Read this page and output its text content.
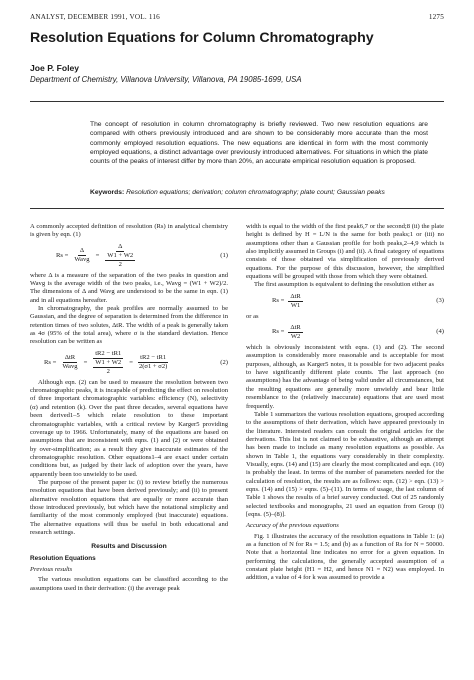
ANALYST, DECEMBER 1991, VOL. 116	1275
Resolution Equations for Column Chromatography
Joe P. Foley
Department of Chemistry, Villanova University, Villanova, PA 19085-1699, USA

The concept of resolution in column chromatography is briefly reviewed. Two new resolution equations are compared with others previously introduced and are shown to be considerably more accurate than the most commonly employed resolution equations. The new equations are identical in form with the most commonly employed equations, a distinct advantage over previously introduced alternatives. For situations in which the plate counts of the peaks of interest differ by more than 20%, an accurate empirical resolution equation is proposed.

Keywords: Resolution equations; derivation; column chromatography; plate count; Gaussian peaks

A commonly accepted definition of resolution (Rs) in analytical chemistry is given by eqn. (1)

$Rs = \frac{\Delta}{\text{Wavg}} = \Delta$
W1 + W2
2	(1)

where Δ is a measure of the separation of the two peaks in question and Wavg is the average width of the two peaks, i.e., Wavg = (W1 + W2)/2. The dimensions of Δ and Wavg are understood to be the same in eqn. (1) and in all equations hereafter.

In chromatography, the peak profiles are normally assumed to be Gaussian, and the degree of separation is determined from the difference in retention times of two solutes, ΔtR. The width of a peak is generally taken as 4σ (95% of the total area), where σ is the standard deviation. Hence resolution can be written as

$Rs = \frac{\text{ΔtR}}{\text{Wavg}} = tR2 - tR1$
W1 + W2
$2 = \frac{tR2 - tR1}{2(\sigma 1 + \sigma 2)}$	(2)

Although eqn. (2) can be used to measure the resolution between two chromatographic peaks, it is incapable of predicting the effect on resolution of three important chromatographic variables: efficiency (N), selectivity (α) and retention (k). Over the past three decades, several equations have been derived1–5 which relate resolution to these important chromatographic variables, with a critical review by Karger5 providing coverage up to 1966. Unfortunately, many of the equations are based on assumptions that are inconsistent with eqns. (1) and (2) or were obtained by over-simplification; as a result they give inaccurate estimates of the chromatographic resolution. Other equations1–4 are exact under certain conditions but, as judged by their lack of adoption over the years, have apparently been too unwieldy to be used.

The purpose of the present paper is: (i) to review briefly the numerous resolution equations that have been derived previously; and (ii) to present alternative resolution equations that are equally or more accurate than those introduced previously, but which have the notational simplicity and familiarity of the most commonly employed (but inaccurate) equations. The alternative equations will thus be useful in both educational and research settings.

Results and Discussion
Resolution Equations
Previous results

The various resolution equations can be classified according to the assumptions used in their derivation: (i) the average peak

width is equal to the width of the first peak6,7 or the second;8 (ii) the plate height is defined by H = L/N is the same for both peaks;1 or (iii) no assumptions other than a Gaussian profile for both peaks,2–4,9 which is also implicitly assumed in Groups (i) and (ii). A final category of equations consists of those obtained via simplification of previously derived equations. For the purpose of this discussion, however, the simplified equations will be grouped with those from which they were obtained.

The first assumption is equivalent to defining the resolution either as

$Rs = \frac{\text{ΔtR}}{W1}$	(3)

or as

$Rs = \frac{\text{ΔtR}}{W2}$	(4)

which is obviously inconsistent with eqns. (1) and (2). The second assumption is considerably more reasonable and is acceptable for most purposes, although, as Karger5 notes, it is possible for two adjacent peaks to have significantly different plate counts. The last approach (no assumptions) has the advantage of being valid under all circumstances, but the resulting equations are generally more unwieldy and bear little resemblance to the (relatively inaccurate) equations that are used most frequently.

Table 1 summarizes the various resolution equations, grouped according to the assumptions of their derivation, which have appeared previously in the literature. Interested readers can consult the original articles for the derivations. This list is not claimed to be exhaustive, although an attempt has been made to include as many resolution equations as possible. As shown in Table 1, the equations vary considerably in their complexity. Visually, eqns. (14) and (15) are clearly the most complicated and eqn. (10) is probably the least. In terms of the number of parameters needed for the calculation of resolution, the results are as follows: eqn. (12) > eqn. (13) > eqns. (14) and (15) > eqns. (5)–(11). In terms of usage, the last column of Table 1 shows the results of a brief survey conducted. Out of 25 randomly selected textbooks and monographs, 21 used an equation from Group (i) [eqns. (5)–(8)].

Accuracy of the previous equations

Fig. 1 illustrates the accuracy of the resolution equations in Table 1: (a) as a function of N for Rs = 1.5; and (b) as a function of Rs for N = 50000. Note that a horizontal line indicates no error for a given equation. In performing the calculations, the generally accepted assumption of a constant plate height (H1 = H2, and hence N1 = N2) was employed. In addition, a value of 4 for k was assumed to provide a
